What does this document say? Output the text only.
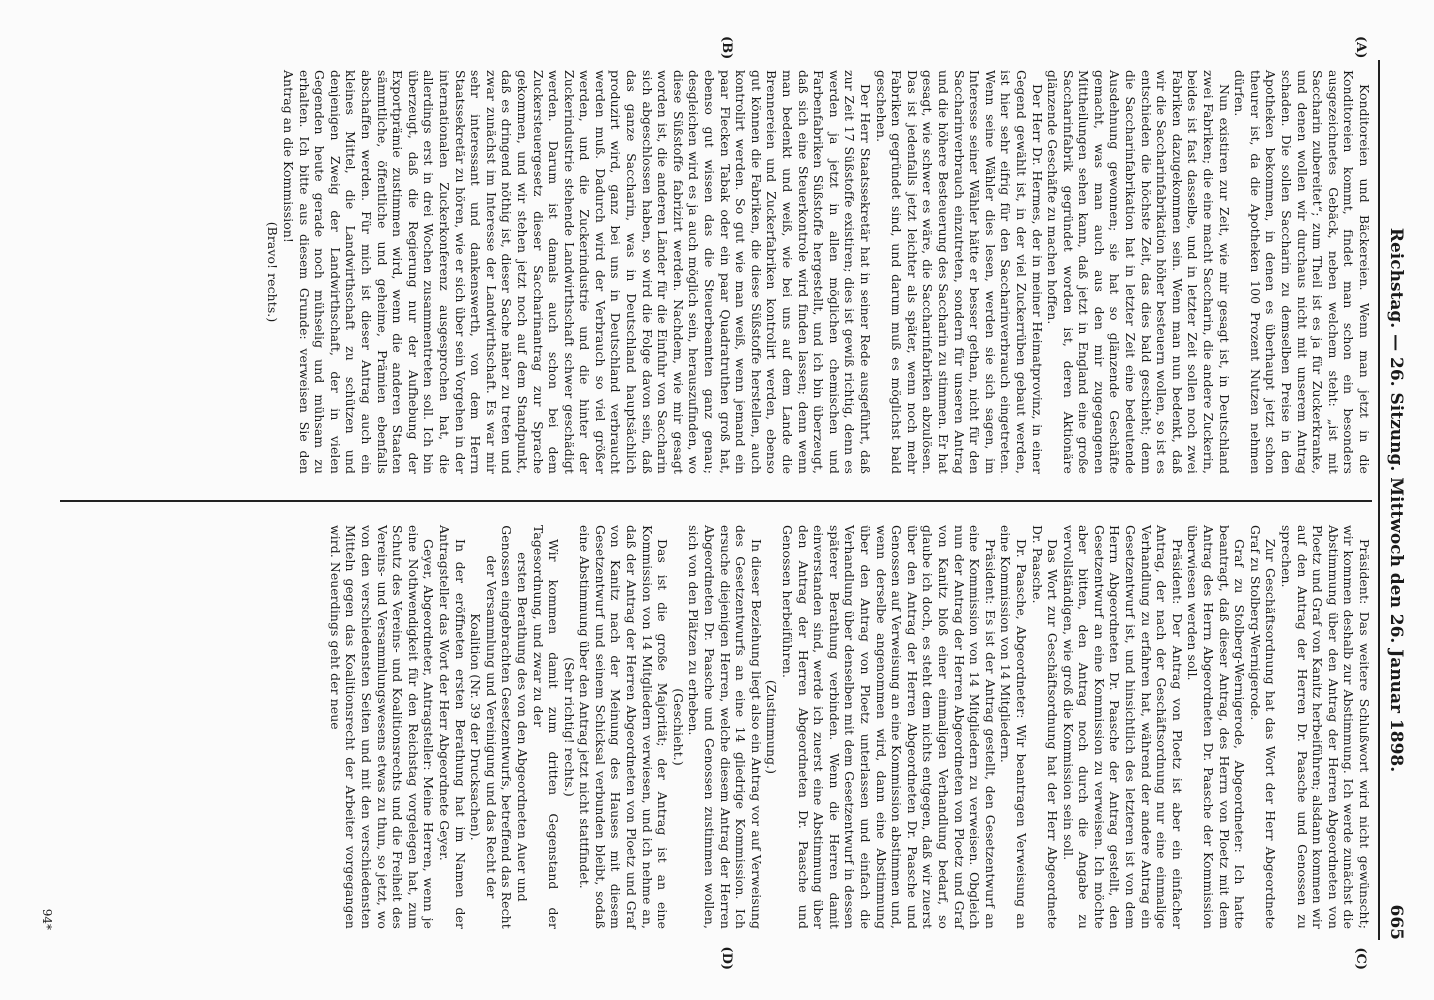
Reichstag. — 26. Sitzung. Mittwoch den 26. Januar 1898.
665
(A)
(B)
(C)
(D)

Konditoreien und Bäckereien. Wenn man jetzt in die Konditoreien kommt, findet man schon ein besonders ausgezeichnetes Gebäck, neben welchem steht: „ist mit Saccharin zubereitet“; zum Theil ist es ja für Zuckerkranke, und denen wollen wir durchaus nicht mit unserem Antrag schaden. Die sollen Saccharin zu demselben Preise in den Apotheken bekommen, in denen es überhaupt jetzt schon theurer ist, da die Apotheken 100 Prozent Nutzen nehmen dürfen.

Nun existiren zur Zeit, wie mir gesagt ist, in Deutschland zwei Fabriken; die eine macht Saccharin, die andere Zuckerin, beides ist fast dasselbe, und in letzter Zeit sollen noch zwei Fabriken dazugekommen sein. Wenn man nun bedenkt, daß wir die Saccharinfabrikation höher besteuern wollen, so ist es entschieden die höchste Zeit, das dies bald geschieht; denn die Saccharinfabrikation hat in letzter Zeit eine bedeutende Ausdehnung gewonnen; sie hat so glänzende Geschäfte gemacht, was man auch aus den mir zugegangenen Mittheilungen sehen kann, daß jetzt in England eine große Saccharinfabrik gegründet worden ist, deren Aktionäre glänzende Geschäfte zu machen hoffen.

Der Herr Dr. Hermes, der in meiner Heimatprovinz, in einer Gegend gewählt ist, in der viel Zuckerrüben gebaut werden, ist hier sehr eifrig für den Saccharinverbrauch eingetreten. Wenn seine Wähler dies lesen, werden sie sich sagen, im Interesse seiner Wähler hätte er besser gethan, nicht für den Saccharinverbrauch einzutreten, sondern für unseren Antrag und die höhere Besteuerung des Saccharin zu stimmen. Er hat gesagt, wie schwer es wäre, die Saccharinfabriken abzulösen. Das ist jedenfalls jetzt leichter als später, wenn noch mehr Fabriken gegründet sind, und darum muß es möglichst bald geschehen.

Der Herr Staatssekretär hat in seiner Rede ausgeführt, daß zur Zeit 17 Süßstoffe existiren; dies ist gewiß richtig, denn es werden ja jetzt in allen möglichen chemischen und Farbenfabriken Süßstoffe hergestellt, und ich bin überzeugt, daß sich eine Steuerkontrole wird finden lassen; denn wenn man bedenkt und weiß, wie bei uns auf dem Lande die Brennereien und Zuckerfabriken kontrolirt werden, ebenso gut können die Fabriken, die diese Süßstoffe herstellen, auch kontrolirt werden. So gut wie man weiß, wenn jemand ein paar Flecken Tabak oder ein paar Quadratruthen groß hat, ebenso gut wissen das die Steuerbeamten ganz genau; desgleichen wird es ja auch möglich sein, herauszufinden, wo diese Süßstoffe fabrizirt werden. Nachdem, wie mir gesagt worden ist, die anderen Länder für die Einfuhr von Saccharin sich abgeschlossen haben, so wird die Folge davon sein, daß das ganze Saccharin, was in Deutschland hauptsächlich produzirt wird, ganz bei uns in Deutschland verbraucht werden muß. Dadurch wird der Verbrauch so viel größer werden, und die Zuckerindustrie und die hinter der Zuckerindustrie stehende Landwirthschaft schwer geschädigt werden. Darum ist damals auch schon bei dem Zuckersteuergesetz dieser Saccharinantrag zur Sprache gekommen, und wir stehen jetzt noch auf dem Standpunkt, daß es dringend nöthig ist, dieser Sache näher zu treten und zwar zunächst im Interesse der Landwirthschaft. Es war mir sehr interessant und dankenswerth, von dem Herrn Staatssekretär zu hören, wie er sich über sein Vorgehen in der internationalen Zuckerkonferenz ausgesprochen hat, die allerdings erst in drei Wochen zusammentreten soll. Ich bin überzeugt, daß die Regierung nur der Aufhebung der Exportprämie zustimmen wird, wenn die anderen Staaten sämmtliche, öffentliche und geheime, Prämien ebenfalls abschaffen werden. Für mich ist dieser Antrag auch ein kleines Mittel, die Landwirthschaft zu schützen und denjenigen Zweig der Landwirthschaft, der in vielen Gegenden heute gerade noch mühselig und mühsam zu erhalten. Ich bitte aus diesem Grunde: verweisen Sie den Antrag an die Kommission!

(Bravo! rechts.)

Präsident: Das weitere Schlußwort wird nicht gewünscht; wir kommen deshalb zur Abstimmung. Ich werde zunächst die Abstimmung über den Antrag der Herren Abgeordneten von Ploetz und Graf von Kanitz herbeiführen; alsdann kommen wir auf den Antrag der Herren Dr. Paasche und Genossen zu sprechen.

Zur Geschäftsordnung hat das Wort der Herr Abgeordnete Graf zu Stolberg-Wernigerode.

Graf zu Stolberg-Wernigerode, Abgeordneter: Ich hatte beantragt, daß dieser Antrag, des Herrn von Ploetz mit dem Antrag des Herrn Abgeordneten Dr. Paasche der Kommission überwiesen werden soll.

Präsident: Der Antrag von Ploetz ist aber ein einfacher Antrag, der nach der Geschäftsordnung nur eine einmalige Verhandlung zu erfahren hat, während der andere Antrag ein Gesetzentwurf ist, und hinsichtlich des letzteren ist von dem Herrn Abgeordneten Dr. Paasche der Antrag gestellt, den Gesetzentwurf an eine Kommission zu verweisen. Ich möchte aber bitten, den Antrag noch durch die Angabe zu vervollständigen, wie groß die Kommission sein soll.

Das Wort zur Geschäftsordnung hat der Herr Abgeordnete Dr. Paasche.

Dr. Paasche, Abgeordneter: Wir beantragen Verweisung an eine Kommission von 14 Mitgliedern.

Präsident: Es ist der Antrag gestellt, den Gesetzentwurf an eine Kommission von 14 Mitgliedern zu verweisen. Obgleich nun der Antrag der Herren Abgeordneten von Ploetz und Graf von Kanitz bloß einer einmaligen Verhandlung bedarf, so glaube ich doch, es steht dem nichts entgegen, daß wir zuerst über den Antrag der Herren Abgeordneten Dr. Paasche und Genossen auf Verweisung an eine Kommission abstimmen und, wenn derselbe angenommen wird, dann eine Abstimmung über den Antrag von Ploetz unterlassen und einfach die Verhandlung über denselben mit dem Gesetzentwurf in dessen späterer Berathung verbinden. Wenn die Herren damit einverstanden sind, werde ich zuerst eine Abstimmung über den Antrag der Herren Abgeordneten Dr. Paasche und Genossen herbeiführen.

(Zustimmung.)

In dieser Beziehung liegt also ein Antrag vor auf Verweisung des Gesetzentwurfs an eine 14 gliedrige Kommission. Ich ersuche diejenigen Herren, welche diesem Antrag der Herren Abgeordneten Dr. Paasche und Genossen zustimmen wollen, sich von den Plätzen zu erheben.

(Geschieht.)

Das ist die große Majorität; der Antrag ist an eine Kommission von 14 Mitgliedern verwiesen, und ich nehme an, daß der Antrag der Herren Abgeordneten von Ploetz und Graf von Kanitz nach der Meinung des Hauses mit diesem Gesetzentwurf und seinem Schicksal verbunden bleibt, sodaß eine Abstimmung über den Antrag jetzt nicht stattfindet.

(Sehr richtig! rechts.)

Wir kommen damit zum dritten Gegenstand der Tagesordnung, und zwar zu der

ersten Berathung des von den Abgeordneten Auer und Genossen eingebrachten Gesetzentwurfs, betreffend das Recht der Versammlung und Vereinigung und das Recht der Koalition (Nr. 39 der Drucksachen).

In der eröffneten ersten Berathung hat im Namen der Antragsteller das Wort der Herr Abgeordnete Geyer.

Geyer, Abgeordneter, Antragsteller: Meine Herren, wenn je eine Nothwendigkeit für den Reichstag vorgelegen hat, zum Schutz des Vereins- und Koalitionsrechts und die Freiheit des Vereins- und Versammlungswesens etwas zu thun, so jetzt, wo von den verschiedensten Seiten und mit den verschiedensten Mitteln gegen das Koalitionsrecht der Arbeiter vorgegangen wird. Neuerdings geht der neue

94*
